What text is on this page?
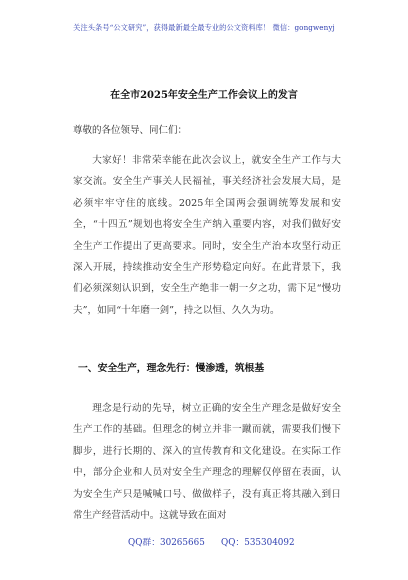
关注头条号“公文研究”，获得最新最全最专业的公文资料库！ 微信：gongwenyj
在全市2025年安全生产工作会议上的发言
尊敬的各位领导、同仁们：

大家好！非常荣幸能在此次会议上，就安全生产工作与大家交流。安全生产事关人民福祉，事关经济社会发展大局，是必须牢牢守住的底线。2025年全国两会强调统筹发展和安全，“十四五”规划也将安全生产纳入重要内容，对我们做好安全生产工作提出了更高要求。同时，安全生产治本攻坚行动正深入开展，持续推动安全生产形势稳定向好。在此背景下，我们必须深刻认识到，安全生产绝非一朝一夕之功，需下足“慢功夫”，如同“十年磨一剑”，持之以恒、久久为功。

一、安全生产，理念先行：慢渗透，筑根基

理念是行动的先导，树立正确的安全生产理念是做好安全生产工作的基础。但理念的树立并非一蹴而就，需要我们慢下脚步，进行长期的、深入的宣传教育和文化建设。在实际工作中，部分企业和人员对安全生产理念的理解仅停留在表面，认为安全生产只是喊喊口号、做做样子，没有真正将其融入到日常生产经营活动中。这就导致在面对

QQ群：30265665 QQ：535304092
